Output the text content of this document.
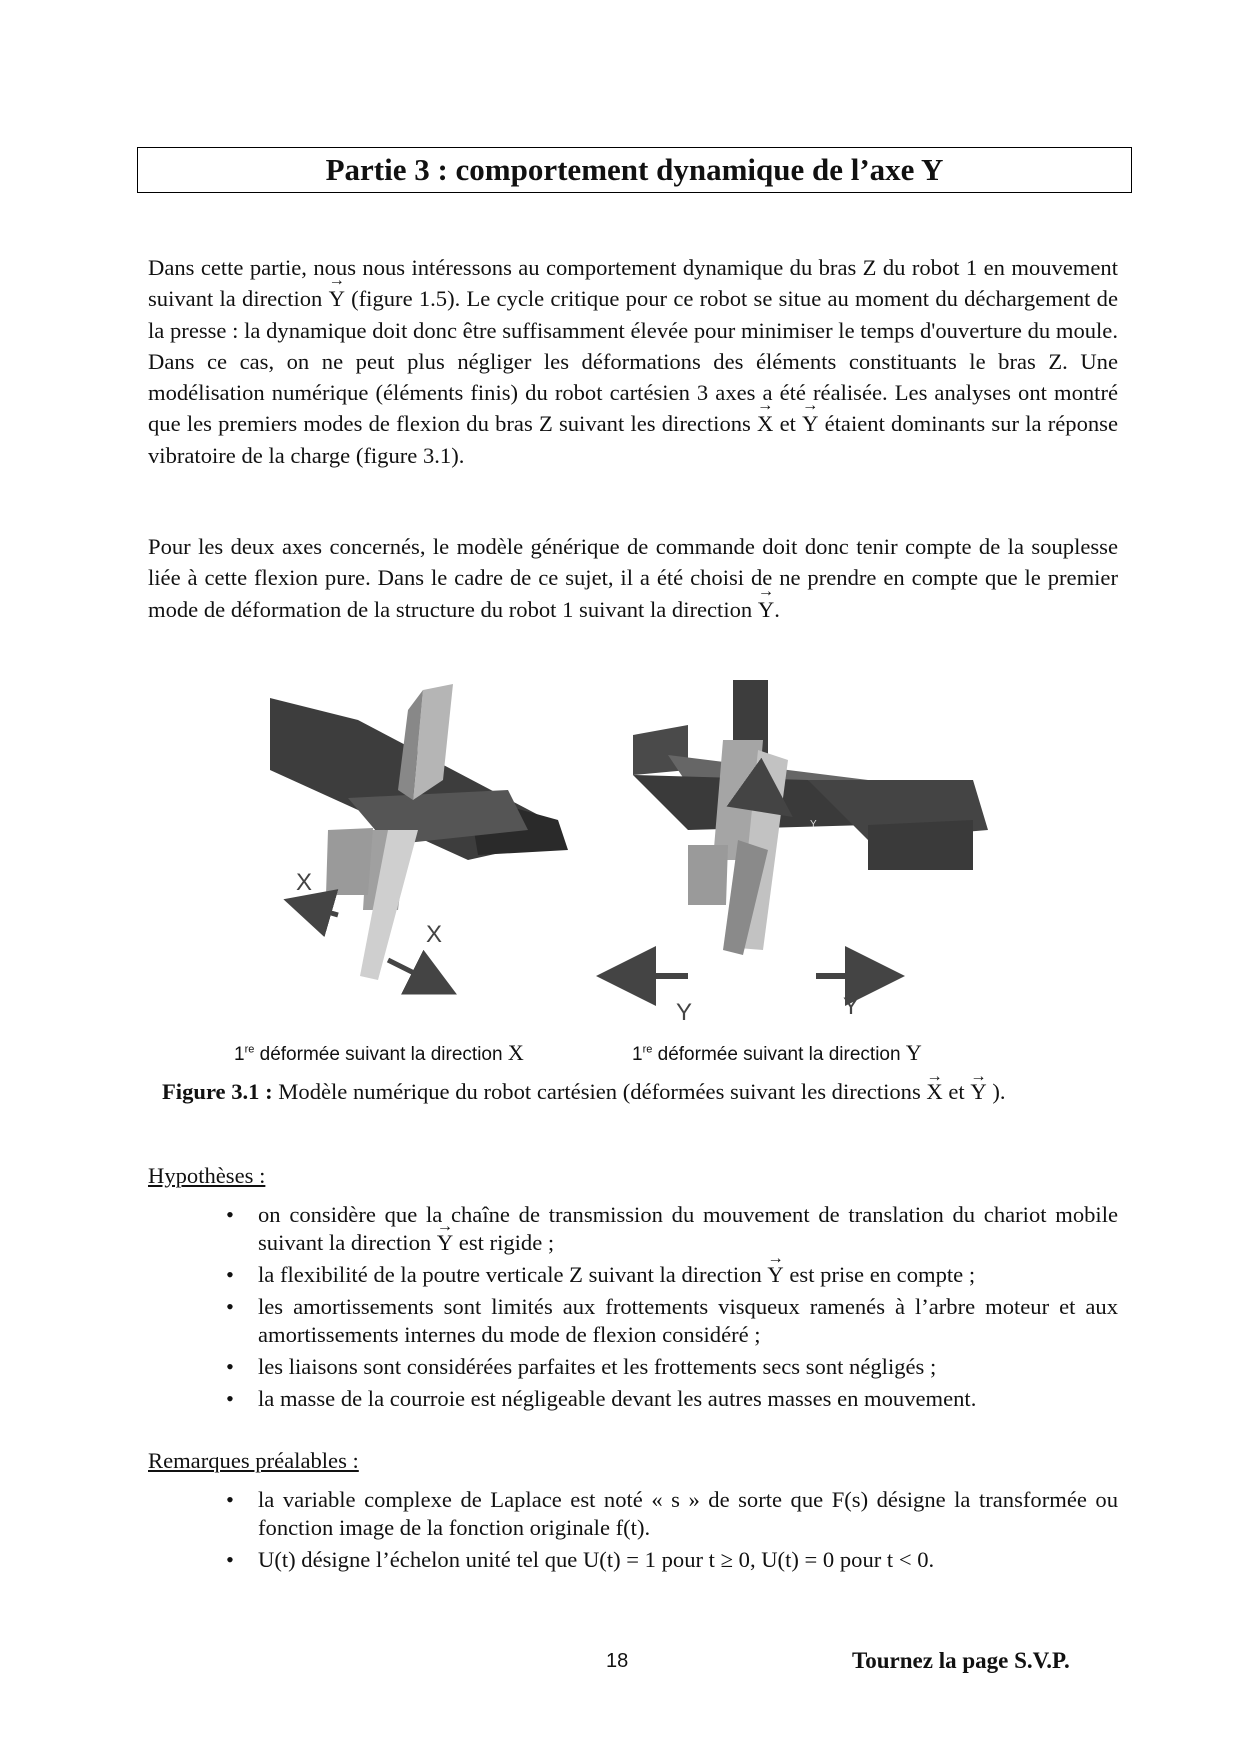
Partie 3 : comportement dynamique de l’axe Y

Dans cette partie, nous nous intéressons au comportement dynamique du bras Z du robot 1 en mouvement suivant la direction → Y (figure 1.5). Le cycle critique pour ce robot se situe au moment du déchargement de la presse : la dynamique doit donc être suffisamment élevée pour minimiser le temps d'ouverture du moule. Dans ce cas, on ne peut plus négliger les déformations des éléments constituants le bras Z. Une modélisation numérique (éléments finis) du robot cartésien 3 axes a été réalisée. Les analyses ont montré que les premiers modes de flexion du bras Z suivant les directions → X et → Y étaient dominants sur la réponse vibratoire de la charge (figure 3.1).

Pour les deux axes concernés, le modèle générique de commande doit donc tenir compte de la souplesse liée à cette flexion pure. Dans le cadre de ce sujet, il a été choisi de ne prendre en compte que le premier mode de déformation de la structure du robot 1 suivant la direction → Y.

X
X
Y
Y	Y
1re déformée suivant la direction X	1re déformée suivant la direction Y
Figure 3.1 : Modèle numérique du robot cartésien (déformées suivant les directions → X et → Y ).
Hypothèses :
• on considère que la chaîne de transmission du mouvement de translation du chariot mobile suivant la direction → Y est rigide ;
• la flexibilité de la poutre verticale Z suivant la direction → Y est prise en compte ;
• les amortissements sont limités aux frottements visqueux ramenés à l’arbre moteur et aux amortissements internes du mode de flexion considéré ;
• les liaisons sont considérées parfaites et les frottements secs sont négligés ;
• la masse de la courroie est négligeable devant les autres masses en mouvement.
Remarques préalables :
• la variable complexe de Laplace est noté « s » de sorte que F(s) désigne la transformée ou fonction image de la fonction originale f(t).
• U(t) désigne l’échelon unité tel que U(t) = 1 pour t ≥ 0, U(t) = 0 pour t < 0.
18	Tournez la page S.V.P.
